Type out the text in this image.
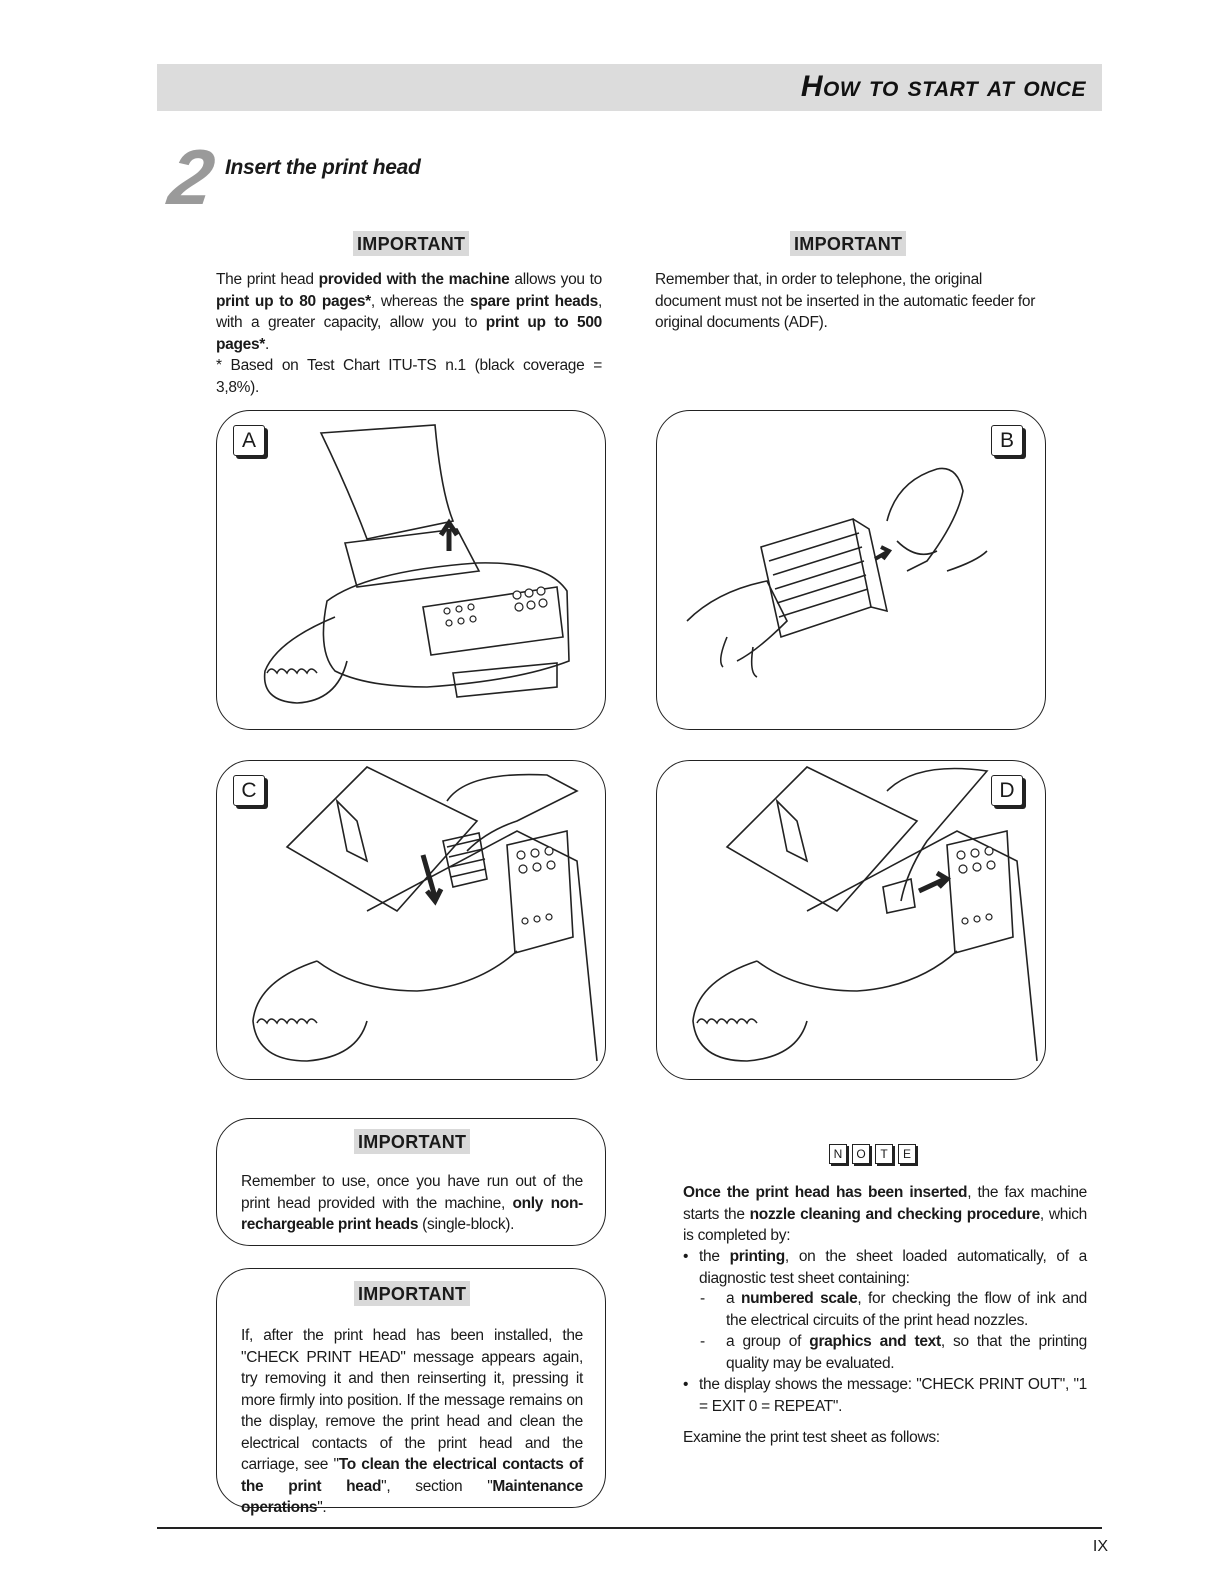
How to start at once
2 Insert the print head
IMPORTANT
The print head provided with the machine allows you to print up to 80 pages*, whereas the spare print heads, with a greater capacity, allow you to print up to 500 pages*.
* Based on Test Chart ITU-TS n.1 (black coverage = 3,8%).
IMPORTANT
Remember that, in order to telephone, the original document must not be inserted in the automatic feeder for original documents (ADF).
A	B
C	D
IMPORTANT
Remember to use, once you have run out of the print head provided with the machine, only non-rechargeable print heads (single-block).
IMPORTANT
If, after the print head has been installed, the "CHECK PRINT HEAD" message appears again, try removing it and then reinserting it, pressing it more firmly into position. If the message remains on the display, remove the print head and clean the electrical contacts of the print head and the carriage, see "To clean the electrical contacts of the print head", section "Maintenance operations".
N O T E
Once the print head has been inserted, the fax machine starts the nozzle cleaning and checking procedure, which is completed by:
• the printing, on the sheet loaded automatically, of a diagnostic test sheet containing:
- a numbered scale, for checking the flow of ink and the electrical circuits of the print head nozzles.
- a group of graphics and text, so that the printing quality may be evaluated.
• the display shows the message: "CHECK PRINT OUT", "1 = EXIT 0 = REPEAT".
Examine the print test sheet as follows:
IX
